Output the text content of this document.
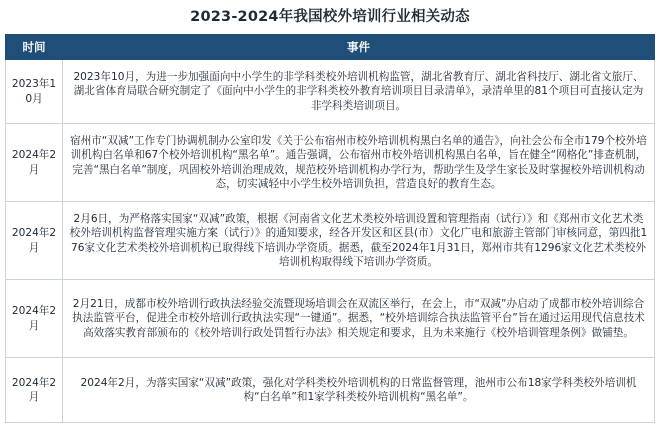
2023-2024年我国校外培训行业相关动态
时间	事件
2023年10月	2023年10月，为进一步加强面向中小学生的非学科类校外培训机构监管，湖北省教育厅、湖北省科技厅、湖北省文旅厅、湖北省体育局联合研究制定了《面向中小学生的非学科类校外教育培训项目目录清单》，录清单里的81个项目可直接认定为非学科类培训项目。
2024年2月	宿州市“双减”工作专门协调机制办公室印发《关于公布宿州市校外培训机构黑白名单的通告》，向社会公布全市179个校外培训机构白名单和67个校外培训机构“黑名单”。通告强调，公布宿州市校外培训机构黑白名单，旨在健全“网格化”排查机制，完善“黑白名单”制度，巩固校外培训治理成效，规范校外培训机构办学行为，帮助学生及学生家长及时掌握校外培训机构动态，切实减轻中小学生校外培训负担，营造良好的教育生态。
2024年2月	2月6日，为严格落实国家“双减”政策，根据《河南省文化艺术类校外培训设置和管理指南（试行）》和《郑州市文化艺术类校外培训机构监督管理实施方案（试行）》的通知要求，经各开发区和区县(市）文化广电和旅游主管部门审核同意，第四批176家文化艺术类校外培训机构已取得线下培训办学资质。据悉，截至2024年1月31日，郑州市共有1296家文化艺术类校外培训机构取得线下培训办学资质。
2024年2月	2月21日，成都市校外培训行政执法经验交流暨现场培训会在双流区举行，在会上，市“双减”办启动了成都市校外培训综合执法监管平台，促进全市校外培训行政执法实现“一键通”。据悉，“校外培训综合执法监管平台”旨在通过运用现代信息技术高效落实教育部颁布的《校外培训行政处罚暂行办法》相关规定和要求，且为未来施行《校外培训管理条例》做铺垫。
2024年2月	2024年2月，为落实国家“双减”政策，强化对学科类校外培训机构的日常监督管理，池州市公布18家学科类校外培训机构“白名单”和1家学科类校外培训机构“黑名单”。
